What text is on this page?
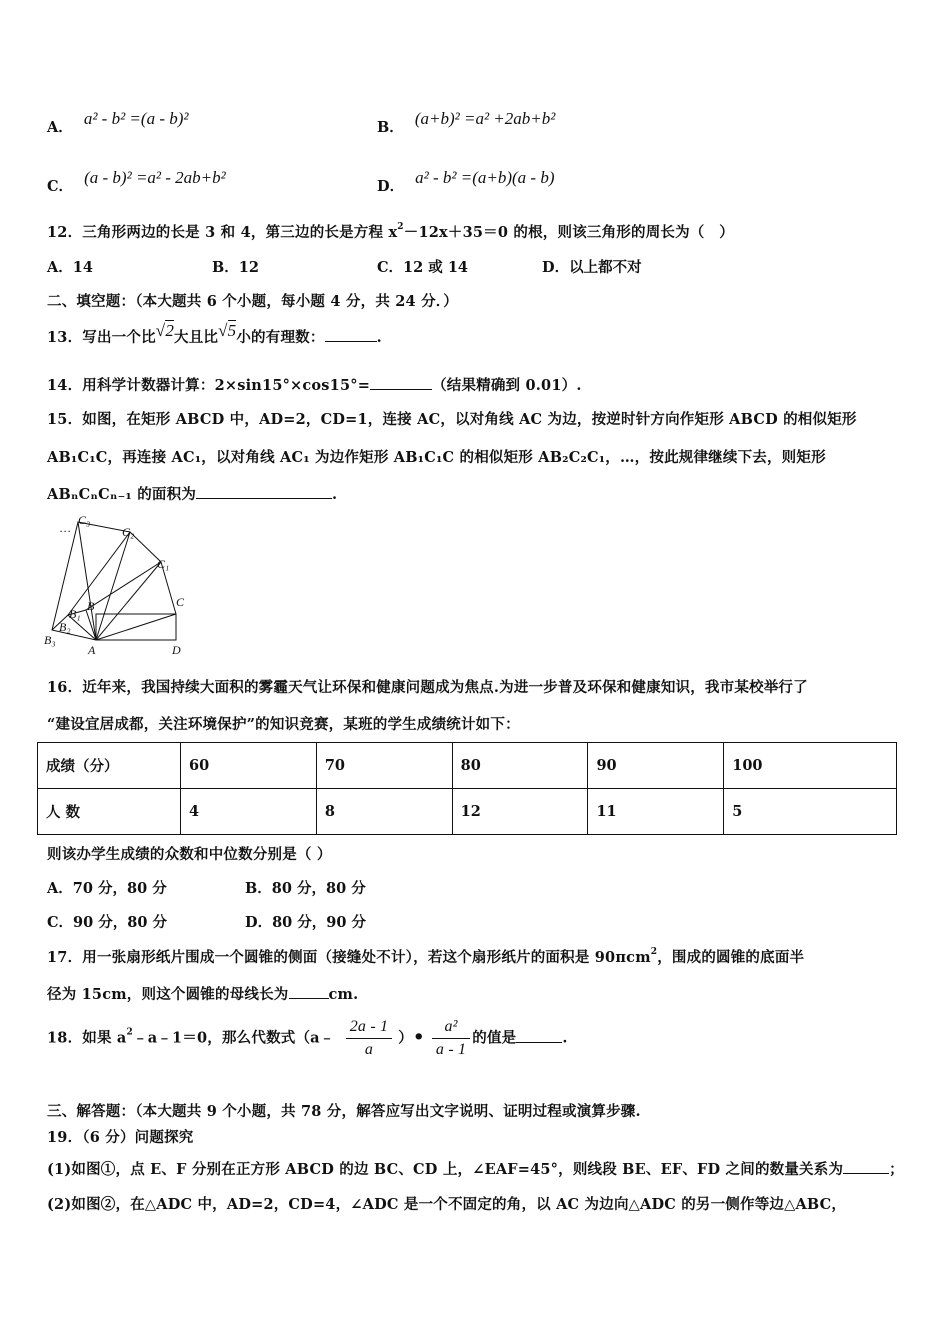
A． a² - b² =(a - b)²	B． (a+b)² =a² +2ab+b²
C． (a - b)² =a² - 2ab+b²	D． a² - b² =(a+b)(a - b)
12．三角形两边的长是 3 和 4，第三边的长是方程 $x^2-12x+35=0$ 的根，则该三角形的周长为（　）
A．14	B．12	C．12 或 14	D．以上都不对
二、填空题：（本大题共 6 个小题，每小题 4 分，共 24 分．）
13．写出一个比√2大且比√5小的有理数：	.
14．用科学计数器计算：2×sin15°×cos15°=	（结果精确到 0.01）.
15．如图，在矩形 ABCD 中，AD=2，CD=1，连接 AC，以对角线 AC 为边，按逆时针方向作矩形 ABCD 的相似矩形
AB₁C₁C，再连接 AC₁，以对角线 AC₁ 为边作矩形 AB₁C₁C 的相似矩形 AB₂C₂C₁，…，按此规律继续下去，则矩形
ABₙCₙCₙ₋₁ 的面积为	.
…
C₃
C₂
C₁
C
B
B₁
B₂
B₃
A	D
16．近年来，我国持续大面积的雾霾天气让环保和健康问题成为焦点.为进一步普及环保和健康知识，我市某校举行了
“建设宜居成都，关注环境保护”的知识竞赛，某班的学生成绩统计如下：
成绩（分）	60	70	80	90	100
人 数	4	8	12	11	5
则该办学生成绩的众数和中位数分别是（ ）
A．70 分，80 分	B．80 分，80 分
C．90 分，80 分	D．80 分，90 分
17．用一张扇形纸片围成一个圆锥的侧面（接缝处不计），若这个扇形纸片的面积是 90πcm$^2$，围成的圆锥的底面半
径为 15cm，则这个圆锥的母线长为	cm.
18．如果 $a^2﹣a﹣1=0$，那么代数式（a﹣ $\frac{2a - 1}{a}$ ）• $\frac{\text{a²}}{a - 1}$ 的值是	.
三、解答题：（本大题共 9 个小题，共 78 分，解答应写出文字说明、证明过程或演算步骤.
19．（6 分）问题探究
(1)如图①，点 E、F 分别在正方形 ABCD 的边 BC、CD 上，∠EAF=45°，则线段 BE、EF、FD 之间的数量关系为	；
(2)如图②，在△ADC 中，AD=2，CD=4，∠ADC 是一个不固定的角，以 AC 为边向△ADC 的另一侧作等边△ABC，
